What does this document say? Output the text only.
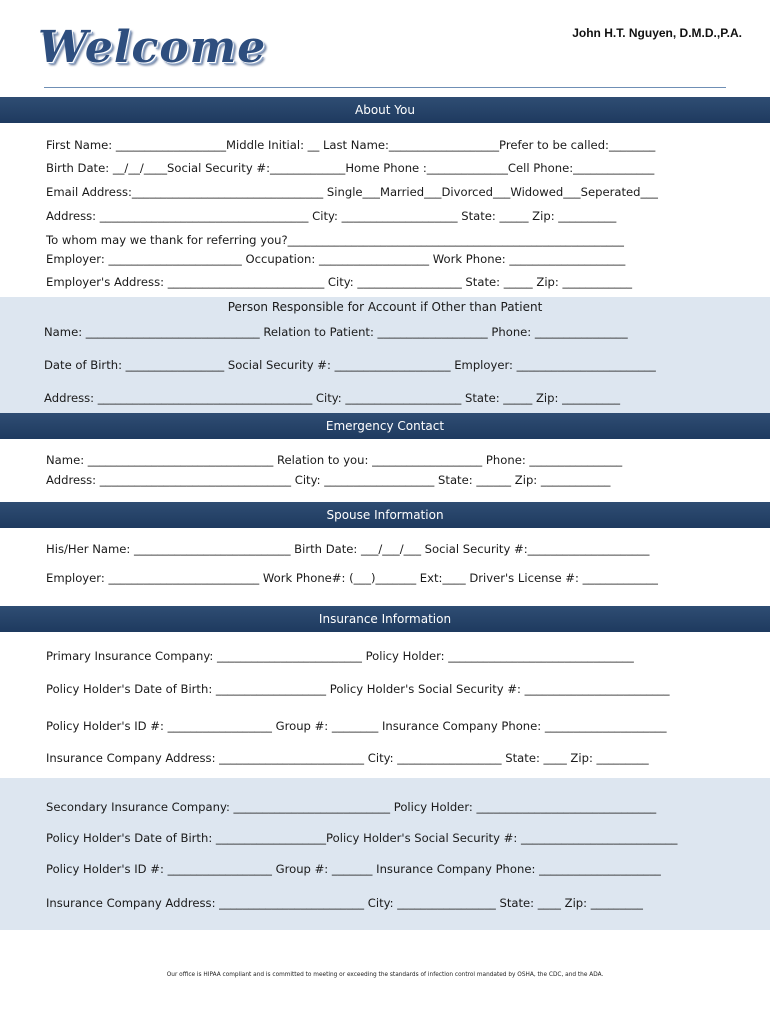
Welcome	John H.T. Nguyen, D.M.D.,P.A.
About You
First Name: ___________________Middle Initial: __ Last Name:___________________Prefer to be called:________
Birth Date: __/__/____Social Security #:_____________Home Phone :______________Cell Phone:______________
Email Address:_________________________________ Single___Married___Divorced___Widowed___Seperated___
Address: ____________________________________ City: ____________________ State: _____ Zip: __________
To whom may we thank for referring you?__________________________________________________________
Employer: _______________________ Occupation: ___________________ Work Phone: ____________________
Employer's Address: ___________________________ City: __________________ State: _____ Zip: ____________
Person Responsible for Account if Other than Patient
Name: ______________________________ Relation to Patient: ___________________ Phone: ________________
Date of Birth: _________________ Social Security #: ____________________ Employer: ________________________
Address: _____________________________________ City: ____________________ State: _____ Zip: __________
Emergency Contact
Name: ________________________________ Relation to you: ___________________ Phone: ________________
Address: _________________________________ City: ___________________ State: ______ Zip: ____________
Spouse Information
His/Her Name: ___________________________ Birth Date: ___/___/___ Social Security #:_____________________
Employer: __________________________ Work Phone#: (___)_______ Ext:____ Driver's License #: _____________
Insurance Information
Primary Insurance Company: _________________________ Policy Holder: ________________________________
Policy Holder's Date of Birth: ___________________ Policy Holder's Social Security #: _________________________
Policy Holder's ID #: __________________ Group #: ________ Insurance Company Phone: _____________________
Insurance Company Address: _________________________ City: __________________ State: ____ Zip: _________
Secondary Insurance Company: ___________________________ Policy Holder: _______________________________
Policy Holder's Date of Birth: ___________________Policy Holder's Social Security #: ___________________________
Policy Holder's ID #: __________________ Group #: _______ Insurance Company Phone: _____________________
Insurance Company Address: _________________________ City: _________________ State: ____ Zip: _________
Our office is HIPAA compliant and is committed to meeting or exceeding the standards of infection control mandated by OSHA, the CDC, and the ADA.
